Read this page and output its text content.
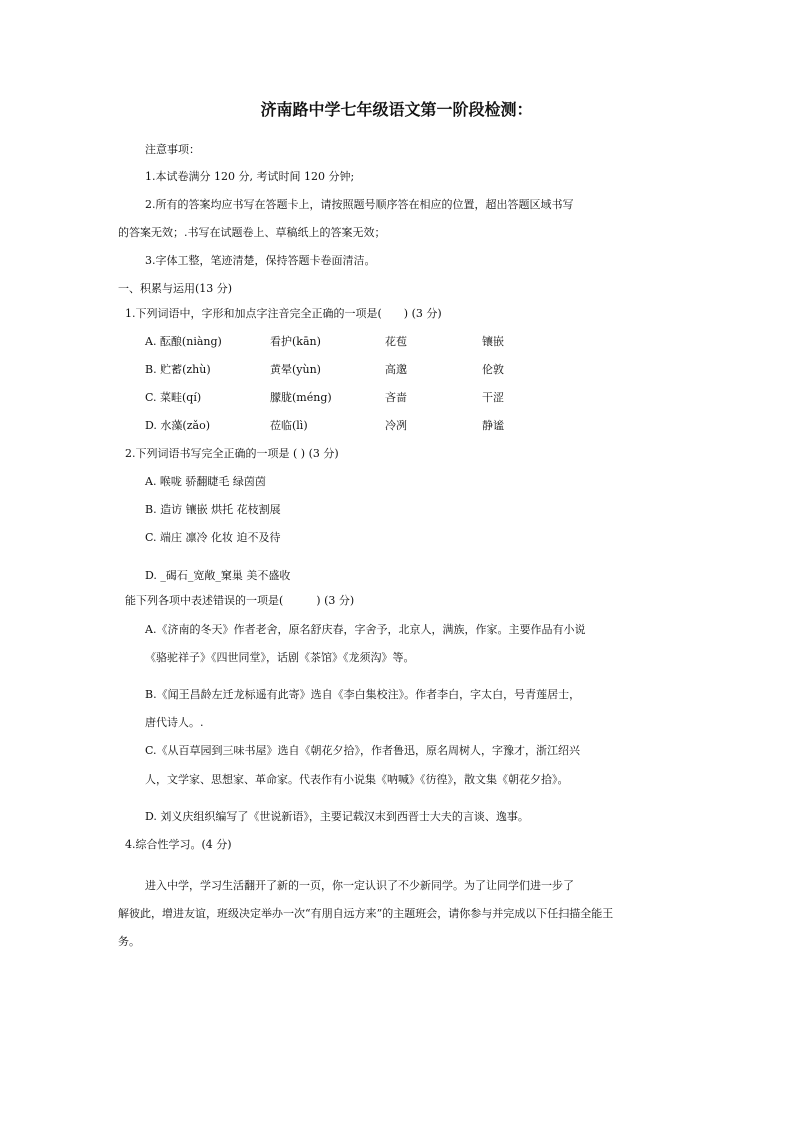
济南路中学七年级语文第一阶段检测：
注意事项：
1.本试卷满分 120 分, 考试时间 120 分钟;
2.所有的答案均应书写在答题卡上，请按照题号顺序答在相应的位置，超出答题区域书写
的答案无效；.书写在试题卷上、草稿纸上的答案无效；
3.字体工整，笔迹清楚，保持答题卡卷面清洁。
一、积累与运用(13 分)
1.下列词语中，字形和加点字注音完全正确的一项是(　　) (3 分)
A. 酝酿(niàng)	看护(kān)	花苞	镶嵌
B. 贮蓄(zhù)	黄晕(yùn)	高邈	伦敦
C. 菜畦(qí)	朦胧(méng)	吝啬	干涩
D. 水藻(zǎo)	莅临(lì)	冷冽	静谧
2.下列词语书写完全正确的一项是 ( ) (3 分)
A. 喉咙 骄翻睫毛 绿茵茵
B. 造访 镶嵌 烘托 花枝割展
C. 端庄 凛冷 化妆 迫不及待
D. _碣石_宽敞_窠巢 美不盛收
能下列各项中表述错误的一项是(　　　) (3 分)
A.《济南的冬天》作者老舍，原名舒庆春，字舍予，北京人，满族，作家。主要作品有小说
《骆驼祥子》《四世同堂》，话剧《茶馆》《龙须沟》等。
B.《闻王昌龄左迁龙标遥有此寄》选自《李白集校注》。作者李白，字太白，号青莲居士，
唐代诗人。.
C.《从百草园到三味书屋》选自《朝花夕拾》，作者鲁迅，原名周树人，字豫才，浙江绍兴
人，文学家、思想家、革命家。代表作有小说集《呐喊》《彷徨》，散文集《朝花夕拾》。
D. 刘义庆组织编写了《世说新语》，主要记载汉末到西晋士大夫的言谈、逸事。
4.综合性学习。(4 分)
进入中学，学习生活翻开了新的一页，你一定认识了不少新同学。为了让同学们进一步了
解彼此，增进友谊，班级决定举办一次“有朋自远方来”的主题班会，请你参与并完成以下任扫描全能王
务。
